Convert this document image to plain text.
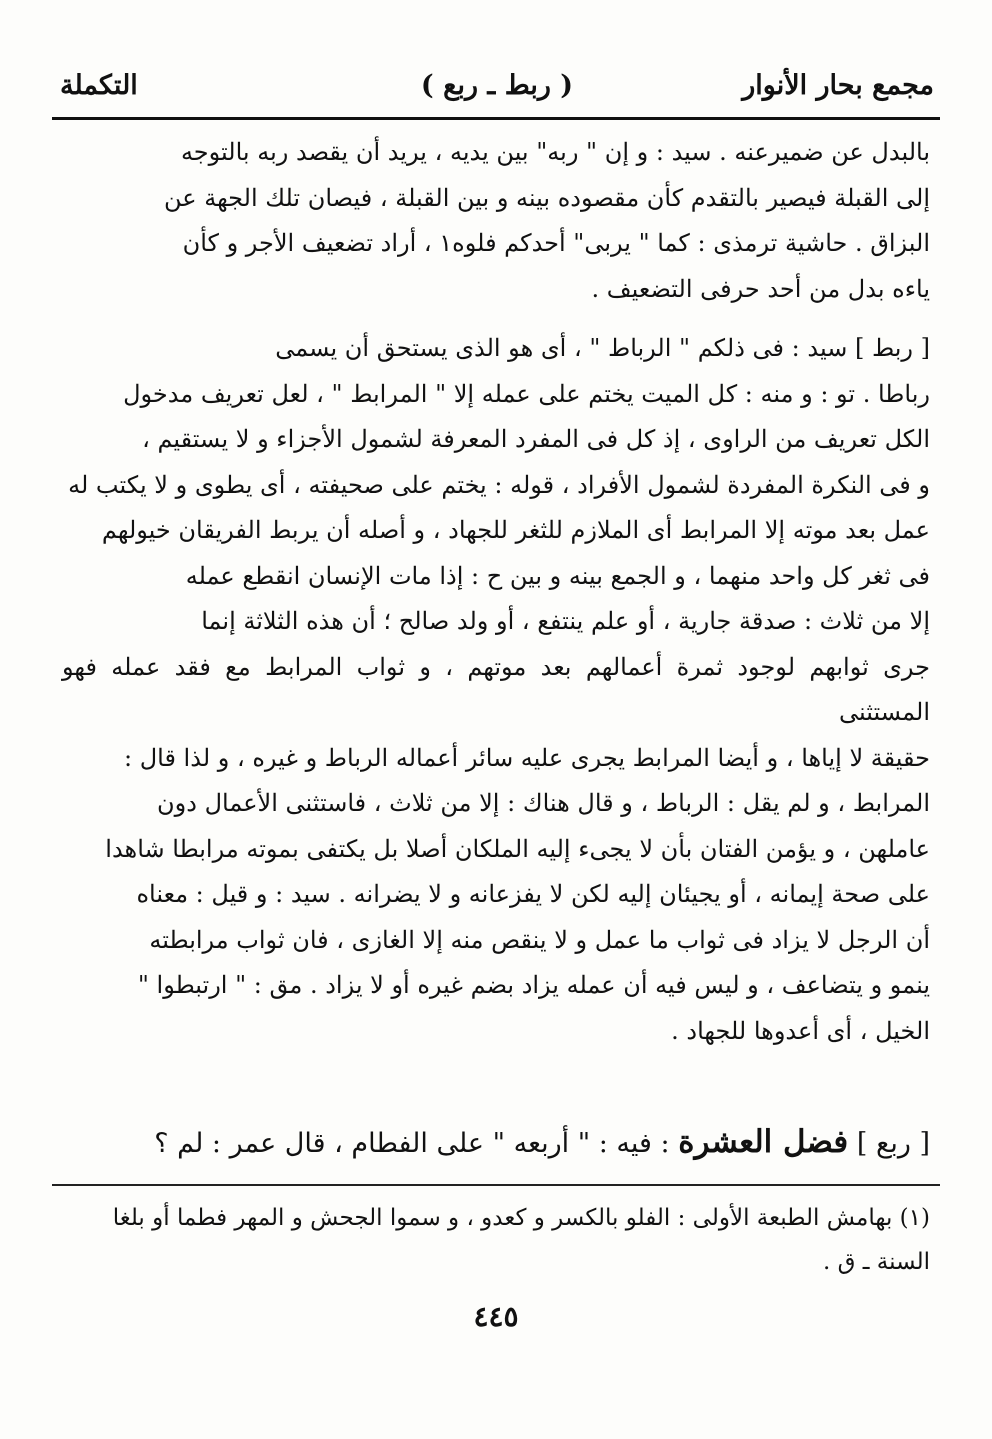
مجمع بحار الأنوار
( ربط ـ ربع )
التكملة

بالبدل عن ضميرعنه . سيد : و إن " ربه" بين يديه ، يريد أن يقصد ربه بالتوجه

إلى القبلة فيصير بالتقدم كأن مقصوده بينه و بين القبلة ، فيصان تلك الجهة عن

البزاق . حاشية ترمذى : كما " يربى" أحدكم فلوه١ ، أراد تضعيف الأجر و كأن

ياءه بدل من أحد حرفى التضعيف .

[ ربط ] سيد : فى ذلكم " الرباط " ، أى هو الذى يستحق أن يسمى

رباطا . تو : و منه : كل الميت يختم على عمله إلا " المرابط " ، لعل تعريف مدخول

الكل تعريف من الراوى ، إذ كل فى المفرد المعرفة لشمول الأجزاء و لا يستقيم ،

و فى النكرة المفردة لشمول الأفراد ، قوله : يختم على صحيفته ، أى يطوى و لا يكتب له

عمل بعد موته إلا المرابط أى الملازم للثغر للجهاد ، و أصله أن يربط الفريقان خيولهم

فى ثغر كل واحد منهما ، و الجمع بينه و بين ح : إذا مات الإنسان انقطع عمله

إلا من ثلاث : صدقة جارية ، أو علم ينتفع ، أو ولد صالح ؛ أن هذه الثلاثة إنما

جرى ثوابهم لوجود ثمرة أعمالهم بعد موتهم ، و ثواب المرابط مع فقد عمله فهو المستثنى

حقيقة لا إياها ، و أيضا المرابط يجرى عليه سائر أعماله الرباط و غيره ، و لذا قال :

المرابط ، و لم يقل : الرباط ، و قال هناك : إلا من ثلاث ، فاستثنى الأعمال دون

عاملهن ، و يؤمن الفتان بأن لا يجىء إليه الملكان أصلا بل يكتفى بموته مرابطا شاهدا

على صحة إيمانه ، أو يجيئان إليه لكن لا يفزعانه و لا يضرانه . سيد : و قيل : معناه

أن الرجل لا يزاد فى ثواب ما عمل و لا ينقص منه إلا الغازى ، فان ثواب مرابطته

ينمو و يتضاعف ، و ليس فيه أن عمله يزاد بضم غيره أو لا يزاد . مق : " ارتبطوا "

الخيل ، أى أعدوها للجهاد .

[ ربع ] فضل العشرة : فيه : " أربعه " على الفطام ، قال عمر : لم ؟

(١) بهامش الطبعة الأولى : الفلو بالكسر و كعدو ، و سموا الجحش و المهر فطما أو بلغا

السنة ـ ق .

٤٤٥
